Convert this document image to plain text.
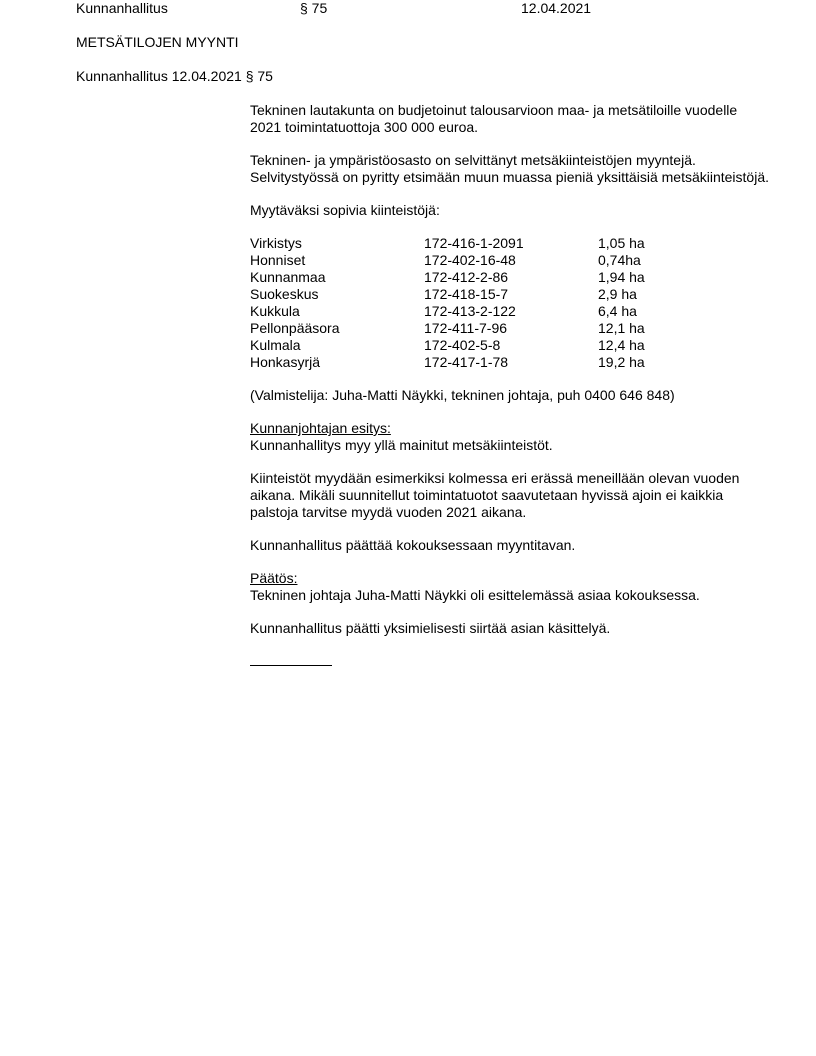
Kunnanhallitus	§ 75	12.04.2021
METSÄTILOJEN MYYNTI
Kunnanhallitus 12.04.2021 § 75

Tekninen lautakunta on budjetoinut talousarvioon maa- ja metsätiloille vuodelle 2021 toimintatuottoja 300 000 euroa.

Tekninen- ja ympäristöosasto on selvittänyt metsäkiinteistöjen myyntejä. Selvitystyössä on pyritty etsimään muun muassa pieniä yksittäisiä metsäkiinteistöjä.

Myytäväksi sopivia kiinteistöjä:

Virkistys	172-416-1-2091	1,05 ha
Honniset	172-402-16-48	0,74ha
Kunnanmaa	172-412-2-86	1,94 ha
Suokeskus	172-418-15-7	2,9 ha
Kukkula	172-413-2-122	6,4 ha
Pellonpääsora	172-411-7-96	12,1 ha
Kulmala	172-402-5-8	12,4 ha
Honkasyrjä	172-417-1-78	19,2 ha

(Valmistelija: Juha-Matti Näykki, tekninen johtaja, puh 0400 646 848)

Kunnanjohtajan esitys:
Kunnanhallitys myy yllä mainitut metsäkiinteistöt.

Kiinteistöt myydään esimerkiksi kolmessa eri erässä meneillään olevan vuoden aikana. Mikäli suunnitellut toimintatuotot saavutetaan hyvissä ajoin ei kaikkia palstoja tarvitse myydä vuoden 2021 aikana.

Kunnanhallitus päättää kokouksessaan myyntitavan.

Päätös:
Tekninen johtaja Juha-Matti Näykki oli esittelemässä asiaa kokouksessa.

Kunnanhallitus päätti yksimielisesti siirtää asian käsittelyä.
